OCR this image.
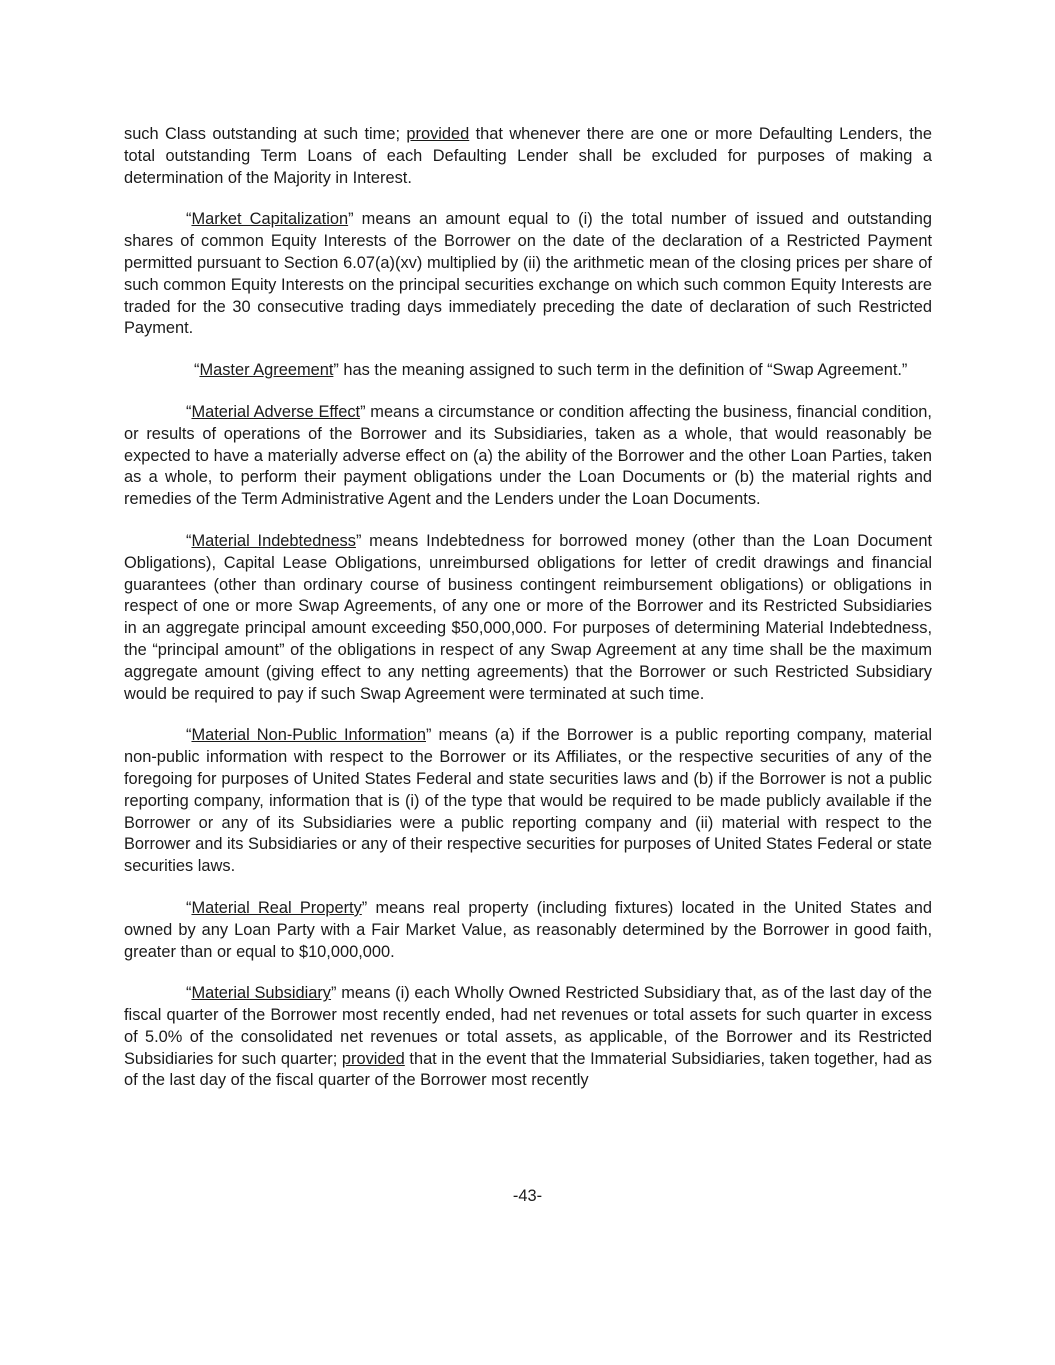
such Class outstanding at such time; provided that whenever there are one or more Defaulting Lenders, the total outstanding Term Loans of each Defaulting Lender shall be excluded for purposes of making a determination of the Majority in Interest.

“Market Capitalization” means an amount equal to (i) the total number of issued and outstanding shares of common Equity Interests of the Borrower on the date of the declaration of a Restricted Payment permitted pursuant to Section 6.07(a)(xv) multiplied by (ii) the arithmetic mean of the closing prices per share of such common Equity Interests on the principal securities exchange on which such common Equity Interests are traded for the 30 consecutive trading days immediately preceding the date of declaration of such Restricted Payment.

“Master Agreement” has the meaning assigned to such term in the definition of “Swap Agreement.”

“Material Adverse Effect” means a circumstance or condition affecting the business, financial condition, or results of operations of the Borrower and its Subsidiaries, taken as a whole, that would reasonably be expected to have a materially adverse effect on (a) the ability of the Borrower and the other Loan Parties, taken as a whole, to perform their payment obligations under the Loan Documents or (b) the material rights and remedies of the Term Administrative Agent and the Lenders under the Loan Documents.

“Material Indebtedness” means Indebtedness for borrowed money (other than the Loan Document Obligations), Capital Lease Obligations, unreimbursed obligations for letter of credit drawings and financial guarantees (other than ordinary course of business contingent reimbursement obligations) or obligations in respect of one or more Swap Agreements, of any one or more of the Borrower and its Restricted Subsidiaries in an aggregate principal amount exceeding $50,000,000. For purposes of determining Material Indebtedness, the “principal amount” of the obligations in respect of any Swap Agreement at any time shall be the maximum aggregate amount (giving effect to any netting agreements) that the Borrower or such Restricted Subsidiary would be required to pay if such Swap Agreement were terminated at such time.

“Material Non-Public Information” means (a) if the Borrower is a public reporting company, material non-public information with respect to the Borrower or its Affiliates, or the respective securities of any of the foregoing for purposes of United States Federal and state securities laws and (b) if the Borrower is not a public reporting company, information that is (i) of the type that would be required to be made publicly available if the Borrower or any of its Subsidiaries were a public reporting company and (ii) material with respect to the Borrower and its Subsidiaries or any of their respective securities for purposes of United States Federal or state securities laws.

“Material Real Property” means real property (including fixtures) located in the United States and owned by any Loan Party with a Fair Market Value, as reasonably determined by the Borrower in good faith, greater than or equal to $10,000,000.

“Material Subsidiary” means (i) each Wholly Owned Restricted Subsidiary that, as of the last day of the fiscal quarter of the Borrower most recently ended, had net revenues or total assets for such quarter in excess of 5.0% of the consolidated net revenues or total assets, as applicable, of the Borrower and its Restricted Subsidiaries for such quarter; provided that in the event that the Immaterial Subsidiaries, taken together, had as of the last day of the fiscal quarter of the Borrower most recently

-43-
